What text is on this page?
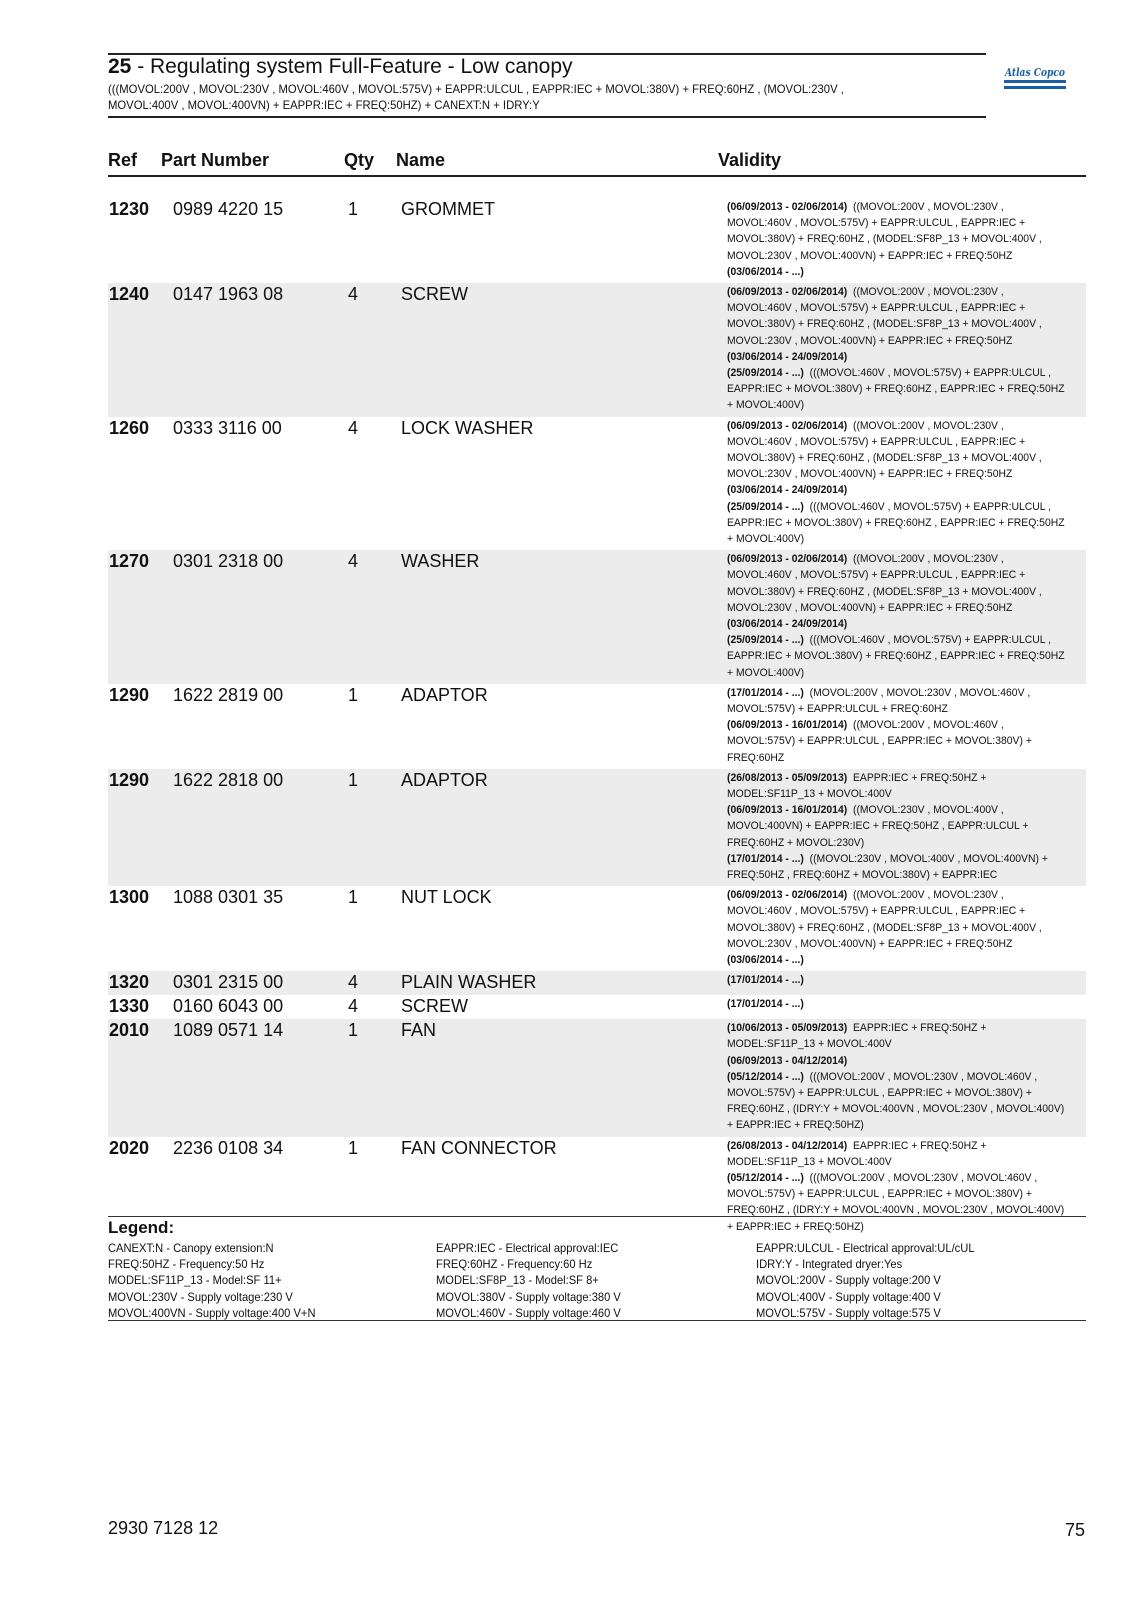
25 - Regulating system Full-Feature - Low canopy
(((MOVOL:200V , MOVOL:230V , MOVOL:460V , MOVOL:575V) + EAPPR:ULCUL , EAPPR:IEC + MOVOL:380V) + FREQ:60HZ , (MOVOL:230V ,
MOVOL:400V , MOVOL:400VN) + EAPPR:IEC + FREQ:50HZ) + CANEXT:N + IDRY:Y
Atlas Copco
Ref Part Number	Qty Name	Validity
1230 0989 4220 15	1 GROMMET	(06/09/2013 - 02/06/2014)  ((MOVOL:200V , MOVOL:230V ,
MOVOL:460V , MOVOL:575V) + EAPPR:ULCUL , EAPPR:IEC +
MOVOL:380V) + FREQ:60HZ , (MODEL:SF8P_13 + MOVOL:400V ,
MOVOL:230V , MOVOL:400VN) + EAPPR:IEC + FREQ:50HZ
(03/06/2014 - ...)
1240 0147 1963 08	4 SCREW	(06/09/2013 - 02/06/2014)  ((MOVOL:200V , MOVOL:230V ,
MOVOL:460V , MOVOL:575V) + EAPPR:ULCUL , EAPPR:IEC +
MOVOL:380V) + FREQ:60HZ , (MODEL:SF8P_13 + MOVOL:400V ,
MOVOL:230V , MOVOL:400VN) + EAPPR:IEC + FREQ:50HZ
(03/06/2014 - 24/09/2014)
(25/09/2014 - ...)  (((MOVOL:460V , MOVOL:575V) + EAPPR:ULCUL ,
EAPPR:IEC + MOVOL:380V) + FREQ:60HZ , EAPPR:IEC + FREQ:50HZ
+ MOVOL:400V)
1260 0333 3116 00	4 LOCK WASHER	(06/09/2013 - 02/06/2014)  ((MOVOL:200V , MOVOL:230V ,
MOVOL:460V , MOVOL:575V) + EAPPR:ULCUL , EAPPR:IEC +
MOVOL:380V) + FREQ:60HZ , (MODEL:SF8P_13 + MOVOL:400V ,
MOVOL:230V , MOVOL:400VN) + EAPPR:IEC + FREQ:50HZ
(03/06/2014 - 24/09/2014)
(25/09/2014 - ...)  (((MOVOL:460V , MOVOL:575V) + EAPPR:ULCUL ,
EAPPR:IEC + MOVOL:380V) + FREQ:60HZ , EAPPR:IEC + FREQ:50HZ
+ MOVOL:400V)
1270 0301 2318 00	4 WASHER	(06/09/2013 - 02/06/2014)  ((MOVOL:200V , MOVOL:230V ,
MOVOL:460V , MOVOL:575V) + EAPPR:ULCUL , EAPPR:IEC +
MOVOL:380V) + FREQ:60HZ , (MODEL:SF8P_13 + MOVOL:400V ,
MOVOL:230V , MOVOL:400VN) + EAPPR:IEC + FREQ:50HZ
(03/06/2014 - 24/09/2014)
(25/09/2014 - ...)  (((MOVOL:460V , MOVOL:575V) + EAPPR:ULCUL ,
EAPPR:IEC + MOVOL:380V) + FREQ:60HZ , EAPPR:IEC + FREQ:50HZ
+ MOVOL:400V)
1290 1622 2819 00	1 ADAPTOR	(17/01/2014 - ...)  (MOVOL:200V , MOVOL:230V , MOVOL:460V ,
MOVOL:575V) + EAPPR:ULCUL + FREQ:60HZ
(06/09/2013 - 16/01/2014)  ((MOVOL:200V , MOVOL:460V ,
MOVOL:575V) + EAPPR:ULCUL , EAPPR:IEC + MOVOL:380V) +
FREQ:60HZ
1290 1622 2818 00	1 ADAPTOR	(26/08/2013 - 05/09/2013)  EAPPR:IEC + FREQ:50HZ +
MODEL:SF11P_13 + MOVOL:400V
(06/09/2013 - 16/01/2014)  ((MOVOL:230V , MOVOL:400V ,
MOVOL:400VN) + EAPPR:IEC + FREQ:50HZ , EAPPR:ULCUL +
FREQ:60HZ + MOVOL:230V)
(17/01/2014 - ...)  ((MOVOL:230V , MOVOL:400V , MOVOL:400VN) +
FREQ:50HZ , FREQ:60HZ + MOVOL:380V) + EAPPR:IEC
1300 1088 0301 35	1 NUT LOCK	(06/09/2013 - 02/06/2014)  ((MOVOL:200V , MOVOL:230V ,
MOVOL:460V , MOVOL:575V) + EAPPR:ULCUL , EAPPR:IEC +
MOVOL:380V) + FREQ:60HZ , (MODEL:SF8P_13 + MOVOL:400V ,
MOVOL:230V , MOVOL:400VN) + EAPPR:IEC + FREQ:50HZ
(03/06/2014 - ...)
1320 0301 2315 00	4 PLAIN WASHER	(17/01/2014 - ...)
1330 0160 6043 00	4 SCREW	(17/01/2014 - ...)
2010 1089 0571 14	1 FAN	(10/06/2013 - 05/09/2013)  EAPPR:IEC + FREQ:50HZ +
MODEL:SF11P_13 + MOVOL:400V
(06/09/2013 - 04/12/2014)
(05/12/2014 - ...)  (((MOVOL:200V , MOVOL:230V , MOVOL:460V ,
MOVOL:575V) + EAPPR:ULCUL , EAPPR:IEC + MOVOL:380V) +
FREQ:60HZ , (IDRY:Y + MOVOL:400VN , MOVOL:230V , MOVOL:400V)
+ EAPPR:IEC + FREQ:50HZ)
2020 2236 0108 34	1 FAN CONNECTOR	(26/08/2013 - 04/12/2014)  EAPPR:IEC + FREQ:50HZ +
MODEL:SF11P_13 + MOVOL:400V
(05/12/2014 - ...)  (((MOVOL:200V , MOVOL:230V , MOVOL:460V ,
MOVOL:575V) + EAPPR:ULCUL , EAPPR:IEC + MOVOL:380V) +
FREQ:60HZ , (IDRY:Y + MOVOL:400VN , MOVOL:230V , MOVOL:400V)
+ EAPPR:IEC + FREQ:50HZ)
Legend:
CANEXT:N - Canopy extension:N
FREQ:50HZ - Frequency:50 Hz
MODEL:SF11P_13 - Model:SF 11+
MOVOL:230V - Supply voltage:230 V
MOVOL:400VN - Supply voltage:400 V+N
EAPPR:IEC - Electrical approval:IEC
FREQ:60HZ - Frequency:60 Hz
MODEL:SF8P_13 - Model:SF 8+
MOVOL:380V - Supply voltage:380 V
MOVOL:460V - Supply voltage:460 V
EAPPR:ULCUL - Electrical approval:UL/cUL
IDRY:Y - Integrated dryer:Yes
MOVOL:200V - Supply voltage:200 V
MOVOL:400V - Supply voltage:400 V
MOVOL:575V - Supply voltage:575 V
2930 7128 12	75
